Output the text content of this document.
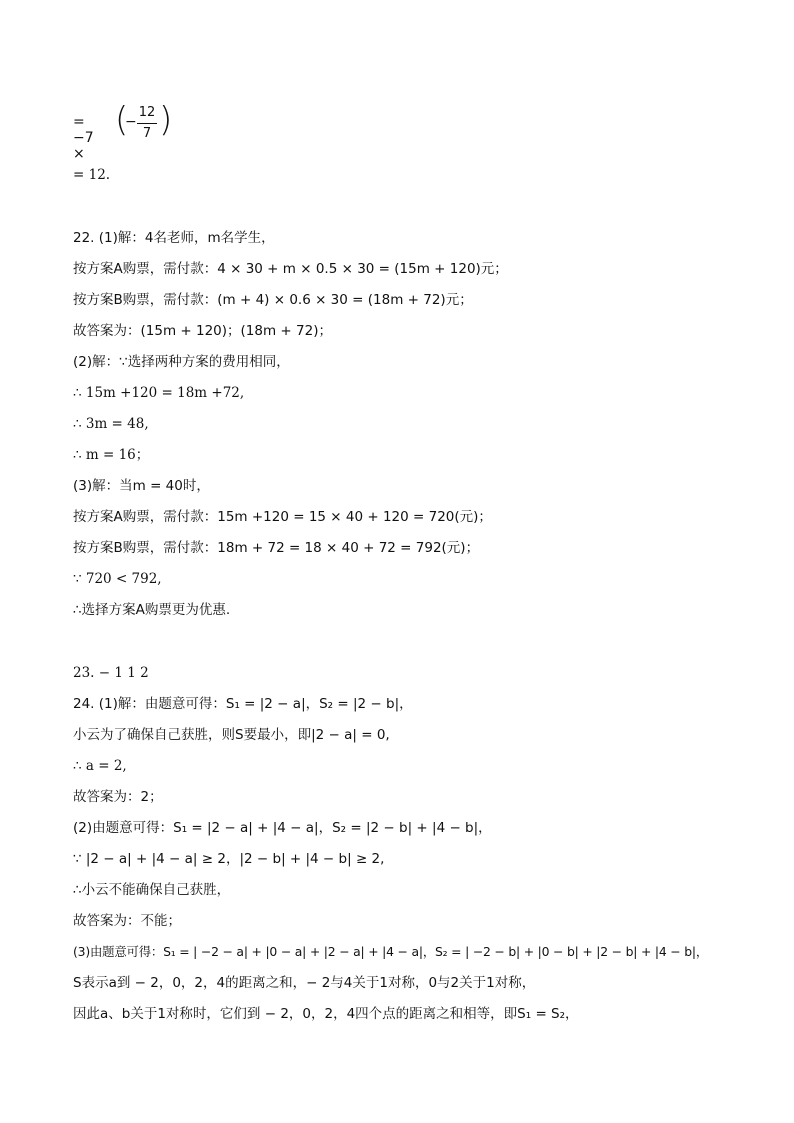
= −7 ×
(
−
12
7 )
= 12.
22. (1)解：4名老师，m名学生，
按方案A购票，需付款：4 × 30 + m × 0.5 × 30 = (15m + 120)元；
按方案B购票，需付款：(m + 4) × 0.6 × 30 = (18m + 72)元；
故答案为：(15m + 120)；(18m + 72)；
(2)解：∵选择两种方案的费用相同，
∴ 15m +120 = 18m +72,
∴ 3m = 48,
∴ m = 16；
(3)解：当m = 40时，
按方案A购票，需付款：15m +120 = 15 × 40 + 120 = 720(元)；
按方案B购票，需付款：18m + 72 = 18 × 40 + 72 = 792(元)；
∵ 720 < 792,
∴选择方案A购票更为优惠.
23. − 1 1 2
24. (1)解：由题意可得：S₁ = |2 − a|，S₂ = |2 − b|，
小云为了确保自己获胜，则S要最小，即|2 − a| = 0,
∴ a = 2,
故答案为：2；
(2)由题意可得：S₁ = |2 − a| + |4 − a|，S₂ = |2 − b| + |4 − b|，
∵ |2 − a| + |4 − a| ≥ 2，|2 − b| + |4 − b| ≥ 2,
∴小云不能确保自己获胜，
故答案为：不能；
(3)由题意可得：S₁ = | −2 − a| + |0 − a| + |2 − a| + |4 − a|，S₂ = | −2 − b| + |0 − b| + |2 − b| + |4 − b|，
S表示a到 − 2，0，2，4的距离之和，− 2与4关于1对称，0与2关于1对称，
因此a、b关于1对称时，它们到 − 2，0，2，4四个点的距离之和相等，即S₁ = S₂，
